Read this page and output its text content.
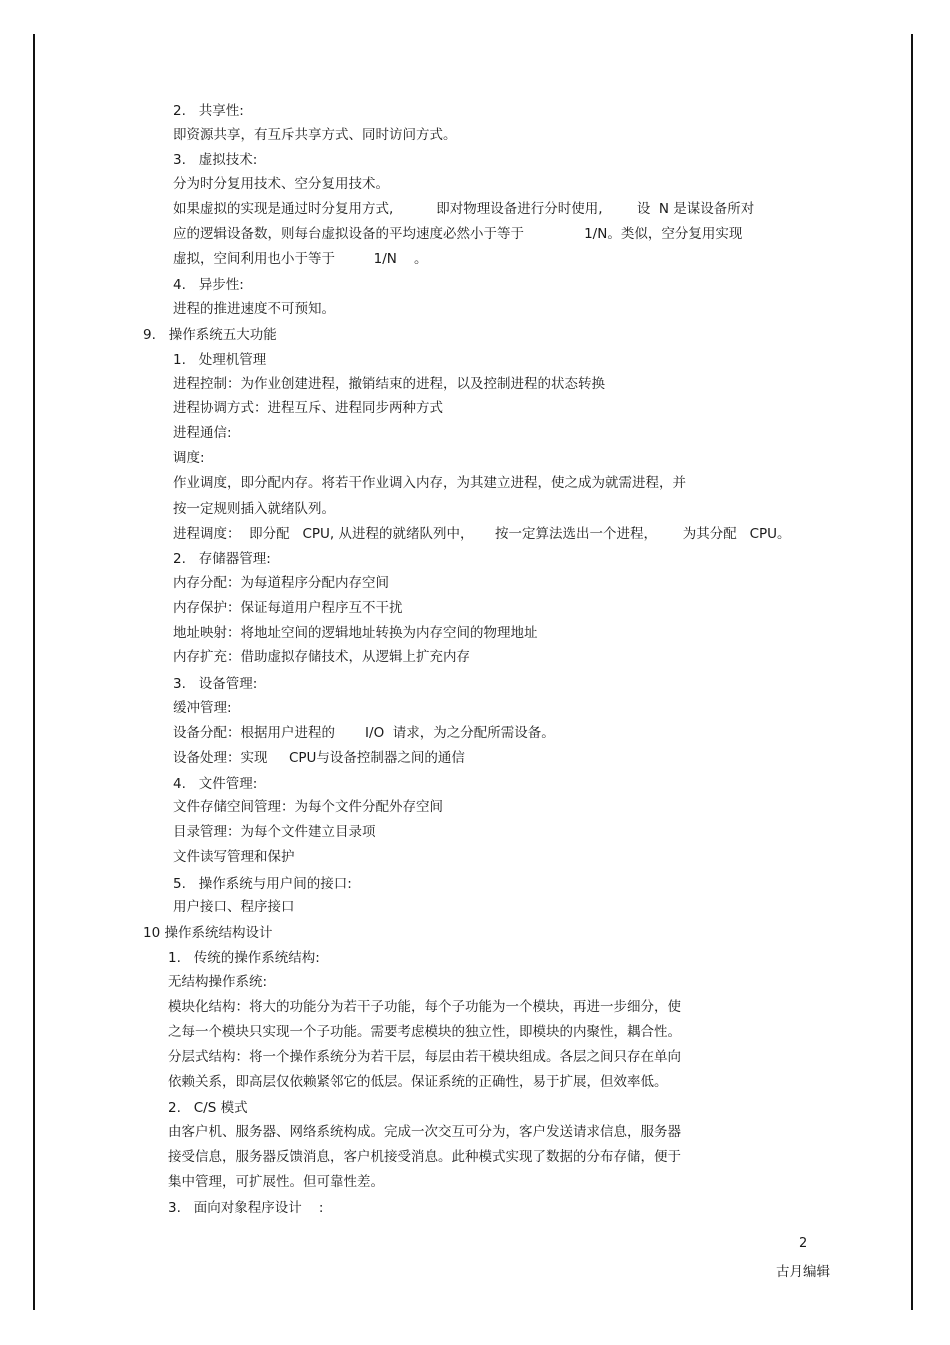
2.   共享性:
即资源共享，有互斥共享方式、同时访问方式。
3.   虚拟技术:
分为时分复用技术、空分复用技术。
如果虚拟的实现是通过时分复用方式,          即对物理设备进行分时使用,        设  N 是谋设备所对
应的逻辑设备数，则每台虚拟设备的平均速度必然小于等于              1/N。类似，空分复用实现
虚拟，空间利用也小于等于         1/N    。
4.   异步性:
进程的推进速度不可预知。
9.   操作系统五大功能
1.   处理机管理
进程控制：为作业创建进程，撤销结束的进程，以及控制进程的状态转换
进程协调方式：进程互斥、进程同步两种方式
进程通信:
调度:
作业调度，即分配内存。将若干作业调入内存，为其建立进程，使之成为就需进程，并
按一定规则插入就绪队列。
进程调度：  即分配   CPU, 从进程的就绪队列中，     按一定算法选出一个进程，      为其分配   CPU。
2.   存储器管理:
内存分配：为每道程序分配内存空间
内存保护：保证每道用户程序互不干扰
地址映射：将地址空间的逻辑地址转换为内存空间的物理地址
内存扩充：借助虚拟存储技术，从逻辑上扩充内存
3.   设备管理:
缓冲管理:
设备分配：根据用户进程的       I/O  请求，为之分配所需设备。
设备处理：实现     CPU与设备控制器之间的通信
4.   文件管理:
文件存储空间管理：为每个文件分配外存空间
目录管理：为每个文件建立目录项
文件读写管理和保护
5.   操作系统与用户间的接口:
用户接口、程序接口
10 操作系统结构设计
1.   传统的操作系统结构:
无结构操作系统:
模块化结构：将大的功能分为若干子功能，每个子功能为一个模块，再进一步细分，使
之每一个模块只实现一个子功能。需要考虑模块的独立性，即模块的内聚性，耦合性。
分层式结构：将一个操作系统分为若干层，每层由若干模块组成。各层之间只存在单向
依赖关系，即高层仅依赖紧邻它的低层。保证系统的正确性，易于扩展，但效率低。
2.   C/S 模式
由客户机、服务器、网络系统构成。完成一次交互可分为，客户发送请求信息，服务器
接受信息，服务器反馈消息，客户机接受消息。此种模式实现了数据的分布存储，便于
集中管理，可扩展性。但可靠性差。
3.   面向对象程序设计    :
2
古月编辑
